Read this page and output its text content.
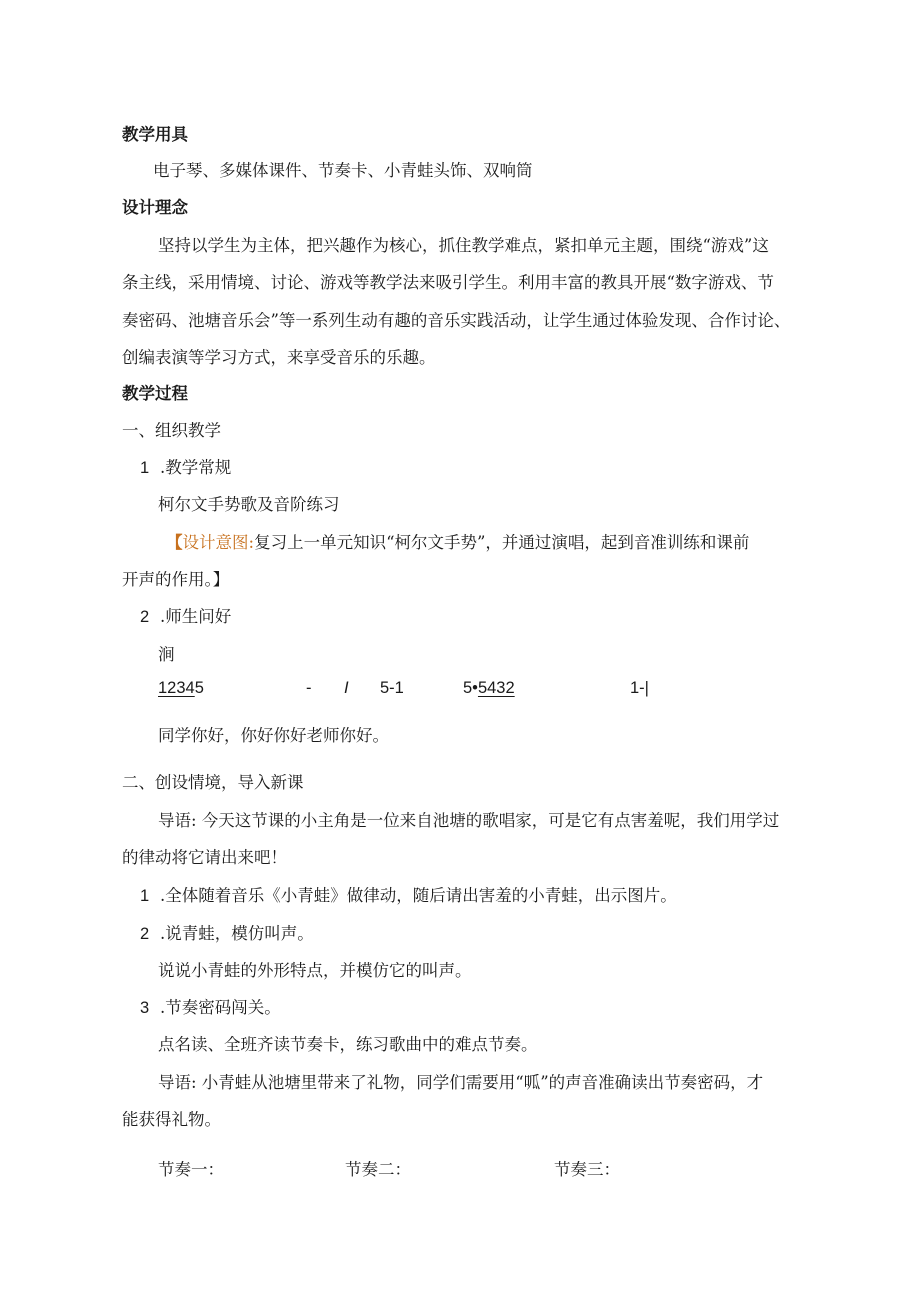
教学用具
电子琴、多媒体课件、节奏卡、小青蛙头饰、双响筒
设计理念
坚持以学生为主体，把兴趣作为核心，抓住教学难点，紧扣单元主题，围绕“游戏”这
条主线，采用情境、讨论、游戏等教学法来吸引学生。利用丰富的教具开展“数字游戏、节
奏密码、池塘音乐会”等一系列生动有趣的音乐实践活动，让学生通过体验发现、合作讨论、
创编表演等学习方式，来享受音乐的乐趣。
教学过程
一、组织教学
1 .教学常规
柯尔文手势歌及音阶练习
【设计意图:复习上一单元知识“柯尔文手势”，并通过演唱，起到音准训练和课前
开声的作用。】
2 .师生问好
涧
12345	- I 5-1	5•5432	1-|
同学你好，你好你好老师你好。
二、创设情境，导入新课
导语: 今天这节课的小主角是一位来自池塘的歌唱家，可是它有点害羞呢，我们用学过
的律动将它请出来吧！
1 .全体随着音乐《小青蛙》做律动，随后请出害羞的小青蛙，出示图片。
2 .说青蛙，模仿叫声。
说说小青蛙的外形特点，并模仿它的叫声。
3 .节奏密码闯关。
点名读、全班齐读节奏卡，练习歌曲中的难点节奏。
导语: 小青蛙从池塘里带来了礼物，同学们需要用“呱”的声音准确读出节奏密码，才
能获得礼物。
节奏一：	节奏二：	节奏三：
